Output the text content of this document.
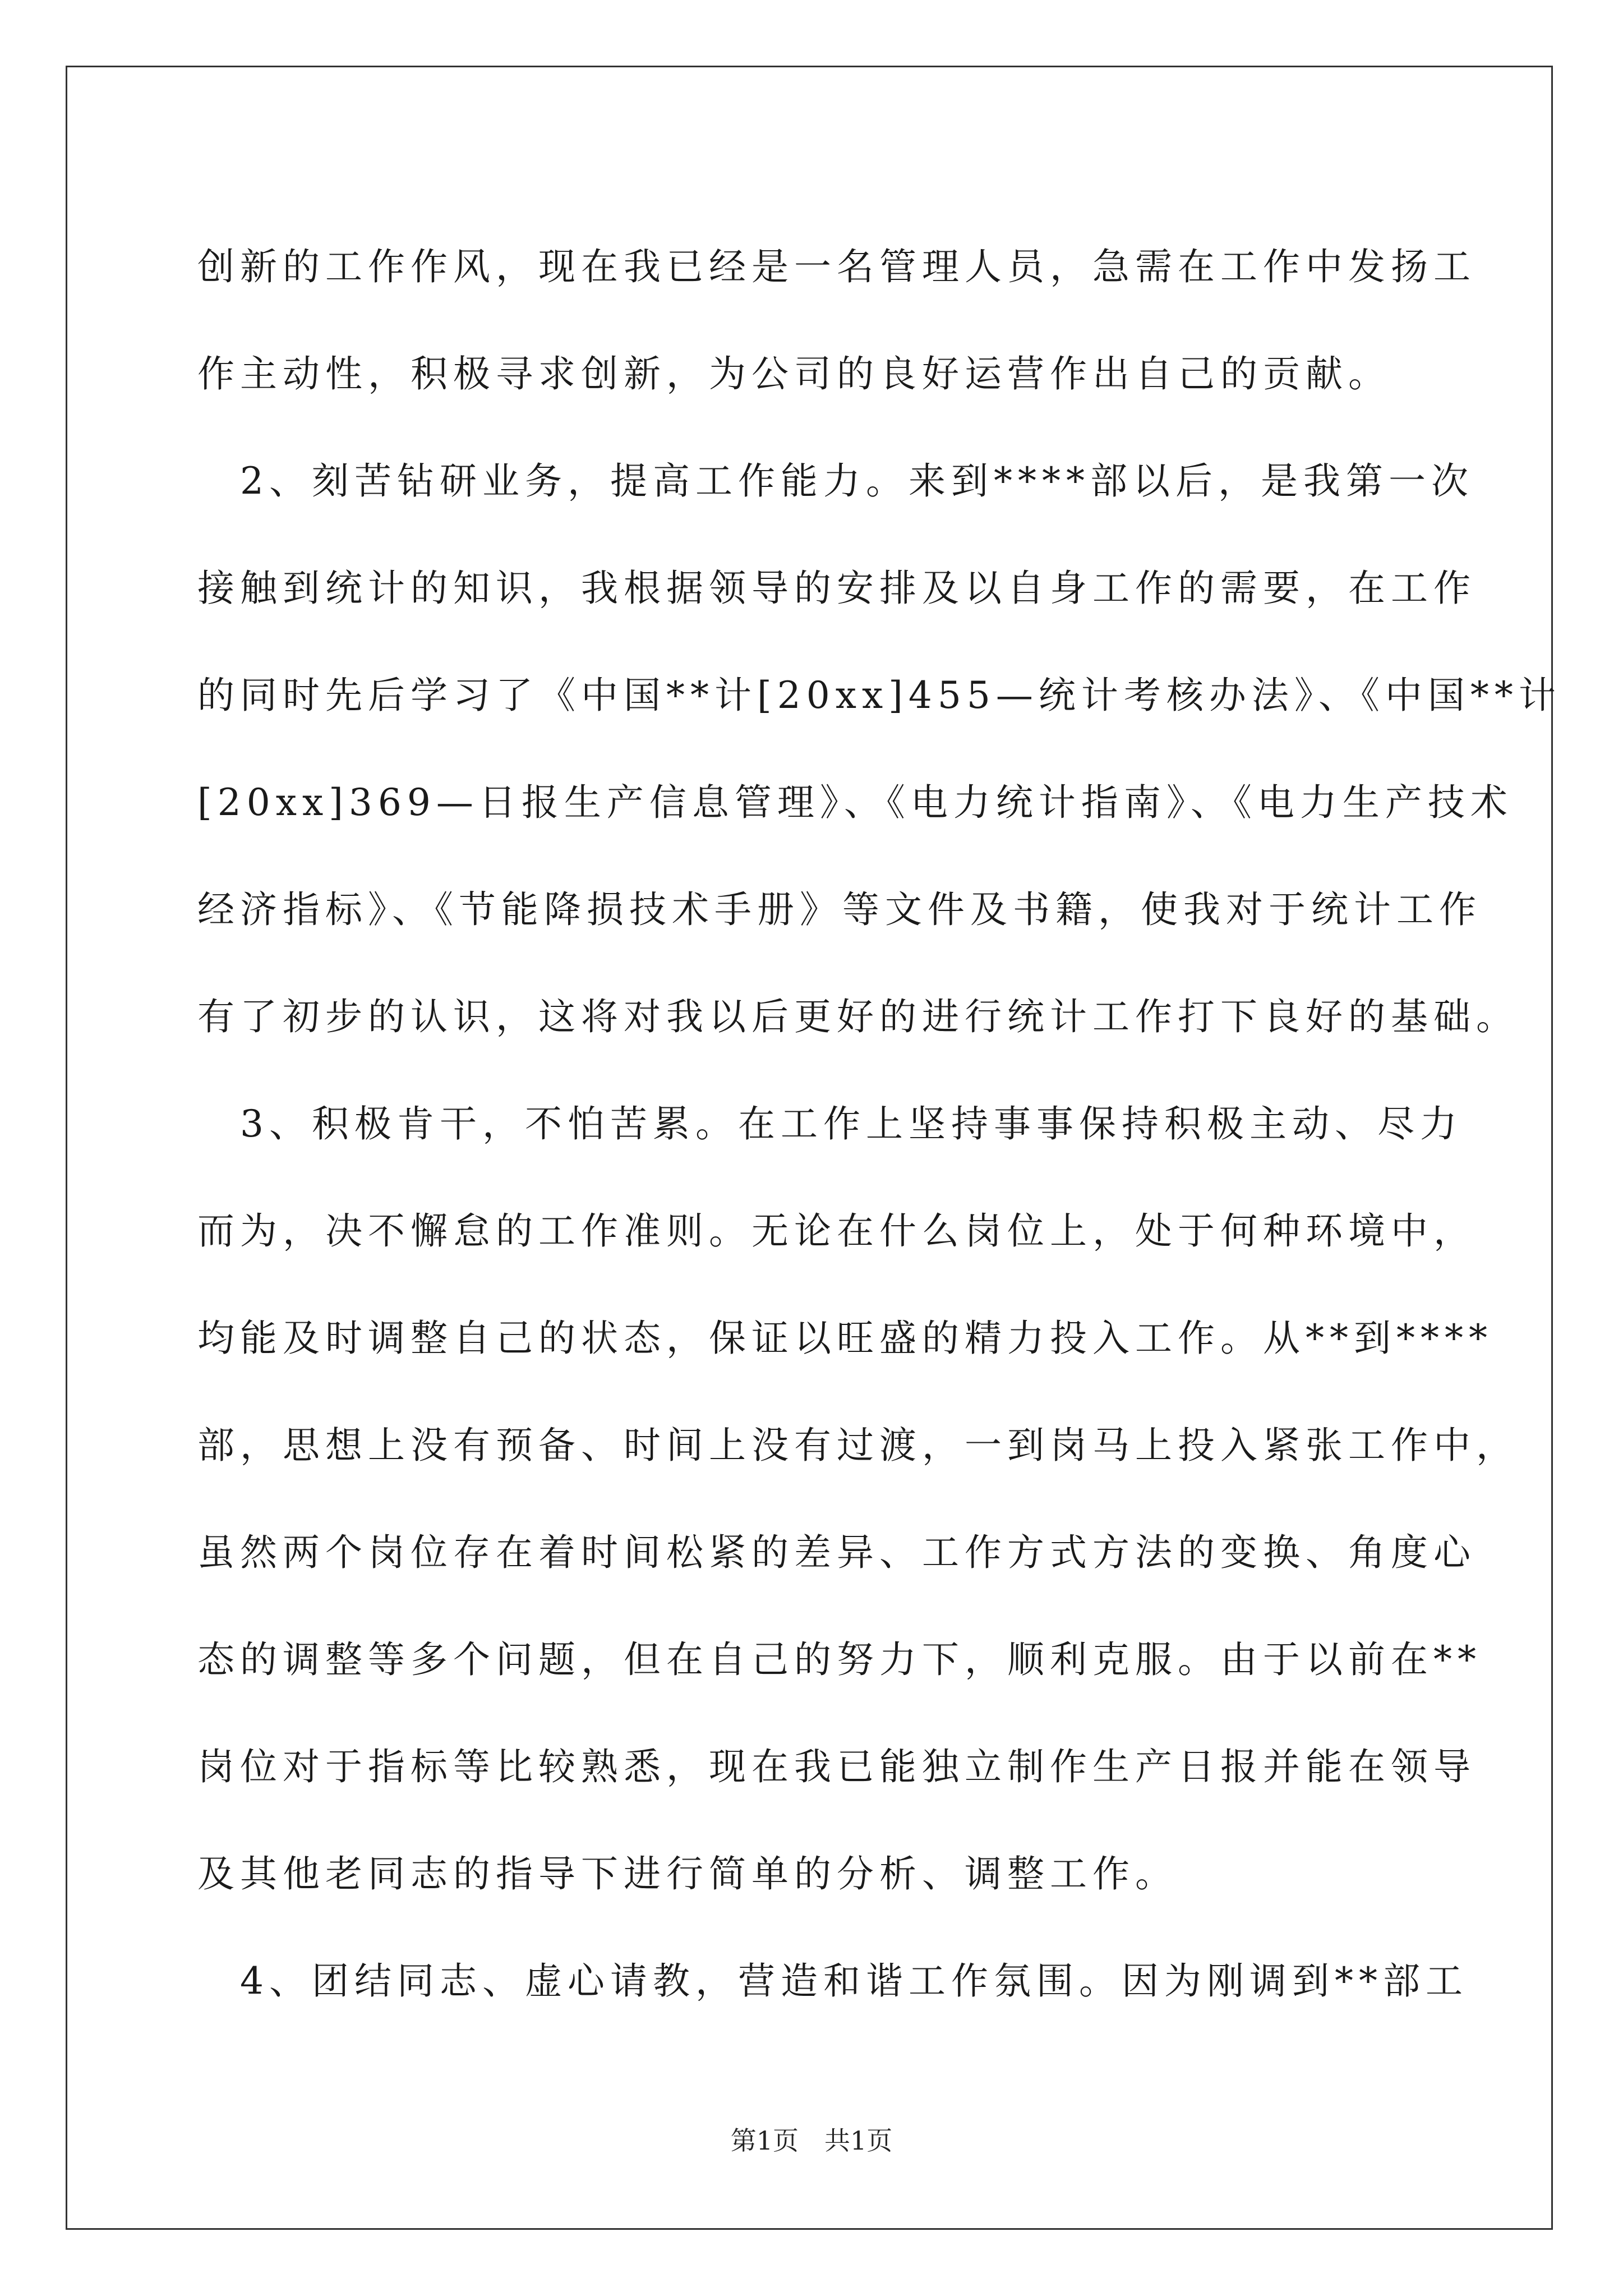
创新的工作作风，现在我已经是一名管理人员，急需在工作中发扬工

作主动性，积极寻求创新，为公司的良好运营作出自己的贡献。

　2、刻苦钻研业务，提高工作能力。来到****部以后，是我第一次

接触到统计的知识，我根据领导的安排及以自身工作的需要，在工作

的同时先后学习了《中国**计[20xx]455—统计考核办法》、《中国**计

[20xx]369—日报生产信息管理》、《电力统计指南》、《电力生产技术

经济指标》、《节能降损技术手册》等文件及书籍，使我对于统计工作

有了初步的认识，这将对我以后更好的进行统计工作打下良好的基础。

　3、积极肯干，不怕苦累。在工作上坚持事事保持积极主动、尽力

而为，决不懈怠的工作准则。无论在什么岗位上，处于何种环境中，

均能及时调整自己的状态，保证以旺盛的精力投入工作。从**到****

部，思想上没有预备、时间上没有过渡，一到岗马上投入紧张工作中，

虽然两个岗位存在着时间松紧的差异、工作方式方法的变换、角度心

态的调整等多个问题，但在自己的努力下，顺利克服。由于以前在**

岗位对于指标等比较熟悉，现在我已能独立制作生产日报并能在领导

及其他老同志的指导下进行简单的分析、调整工作。

　4、团结同志、虚心请教，营造和谐工作氛围。因为刚调到**部工

第1页　共1页
